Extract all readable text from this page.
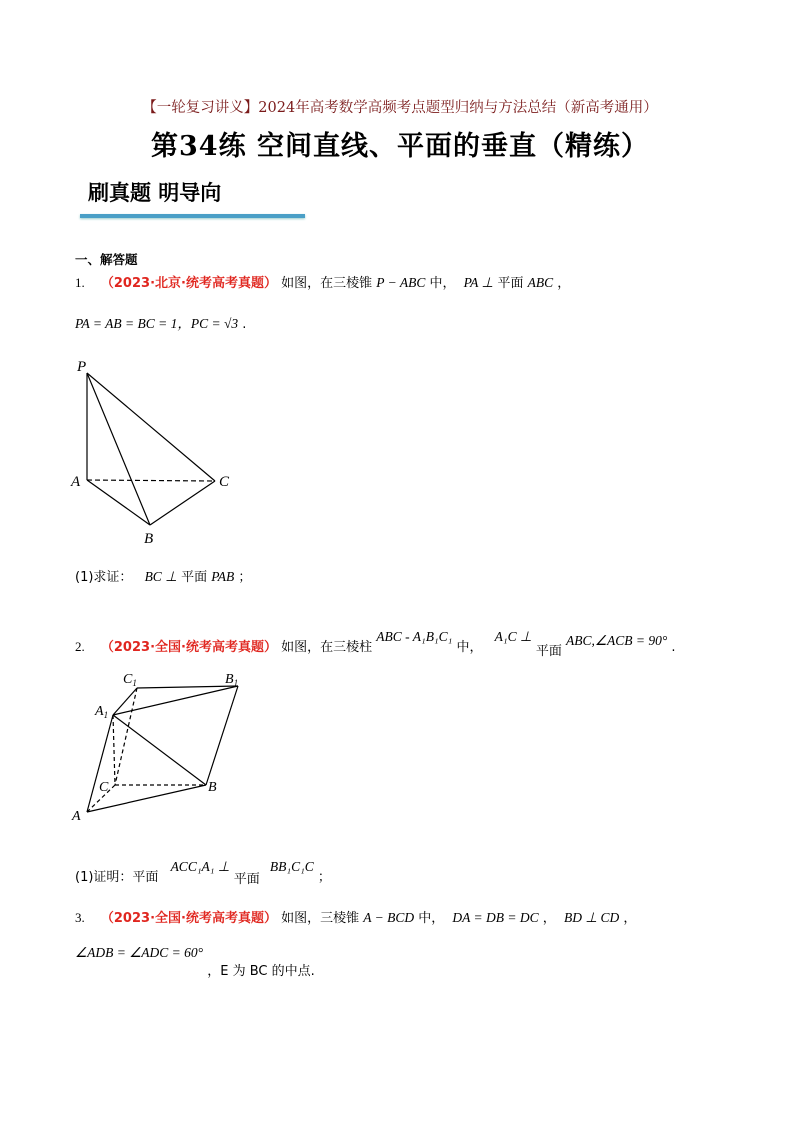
【一轮复习讲义】2024年高考数学高频考点题型归纳与方法总结（新高考通用）
第34练 空间直线、平面的垂直（精练）
刷真题 明导向
一、解答题
1. （2023·北京·统考高考真题） 如图，在三棱锥 P − ABC 中， PA ⊥ 平面 ABC ，
PA = AB = BC = 1，PC = √3 .
P
A	C
B
(1)求证： BC ⊥ 平面 PAB ；
2. （2023·全国·统考高考真题） 如图，在三棱柱 ABC - A₁B₁C₁ 中， A₁C ⊥ 平面 ABC,∠ACB = 90° .
$C_1$	$B_1$
$A_1$
C	B
A
(1)证明：平面 ACC₁A₁ ⊥ 平面 BB₁C₁C ；
3. （2023·全国·统考高考真题） 如图，三棱锥 A − BCD 中， DA = DB = DC ， BD ⊥ CD ，
∠ADB = ∠ADC = 60° ，E 为 BC 的中点.
